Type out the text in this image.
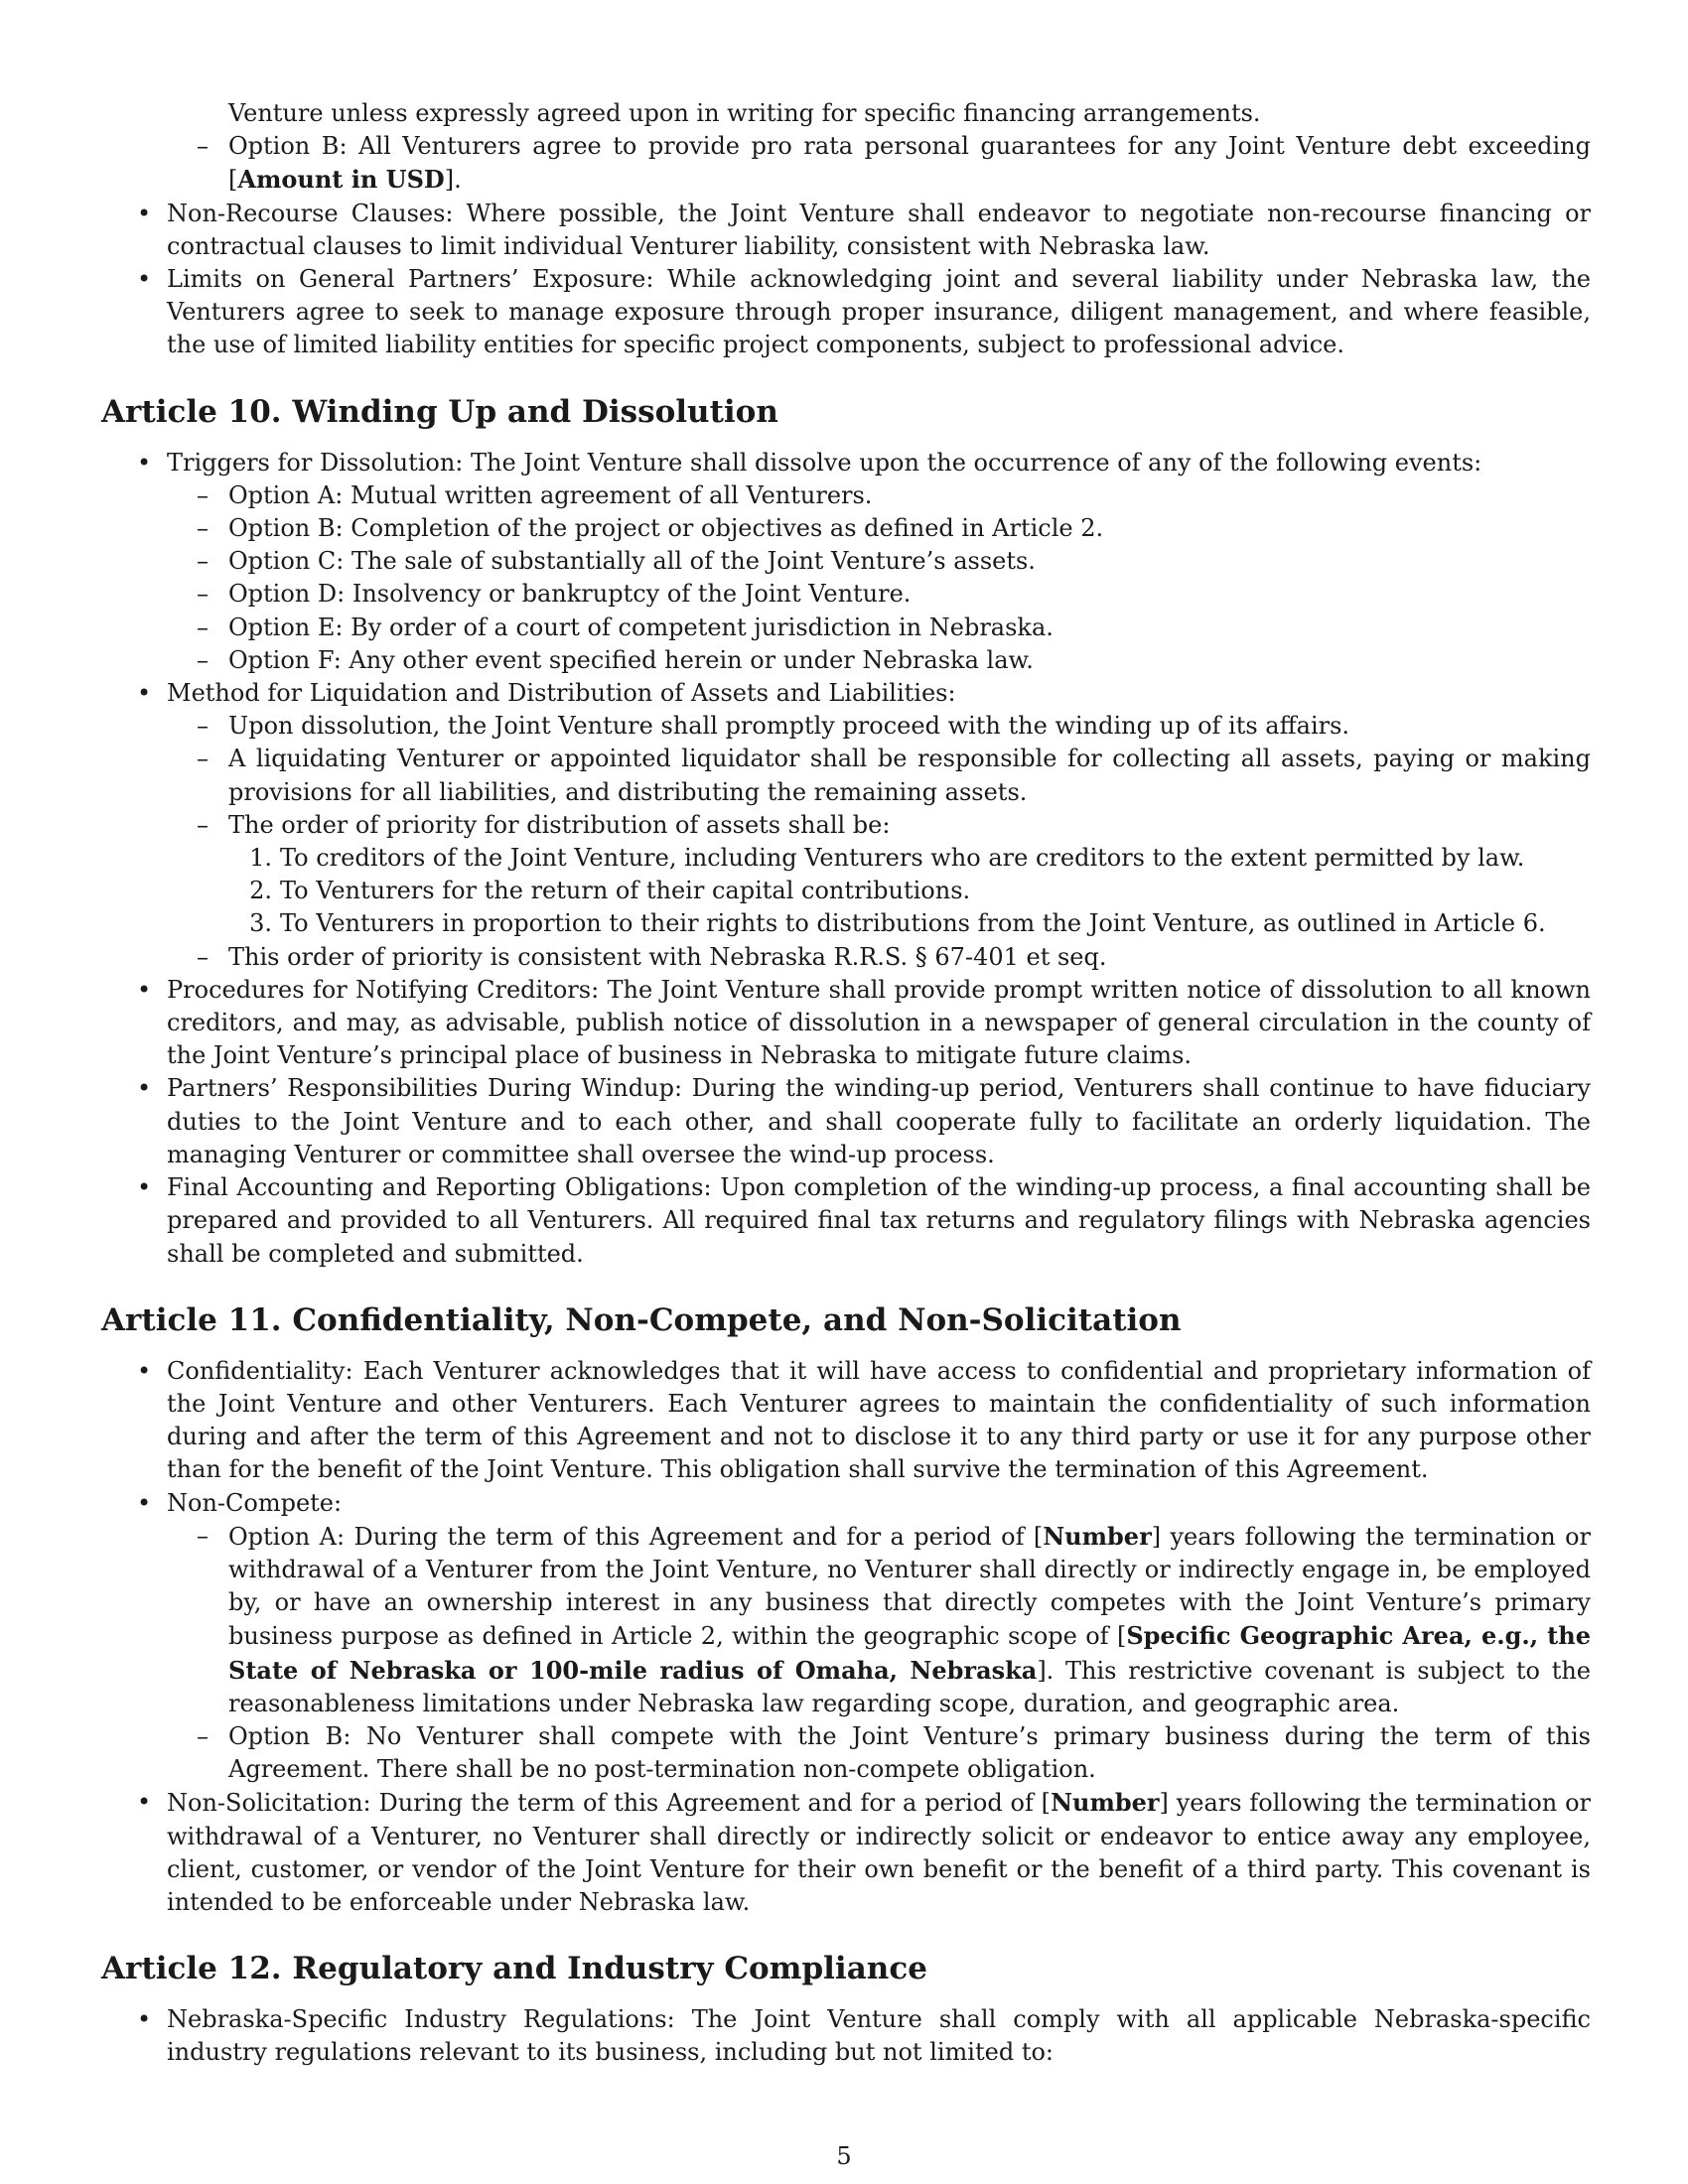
Venture unless expressly agreed upon in writing for specific financing arrangements.
– Option B: All Venturers agree to provide pro rata personal guarantees for any Joint Venture debt exceeding [Amount in USD].
• Non-Recourse Clauses: Where possible, the Joint Venture shall endeavor to negotiate non-recourse financing or contractual clauses to limit individual Venturer liability, consistent with Nebraska law.
• Limits on General Partners’ Exposure: While acknowledging joint and several liability under Nebraska law, the Venturers agree to seek to manage exposure through proper insurance, diligent management, and where feasible, the use of limited liability entities for specific project components, subject to professional advice.
Article 10. Winding Up and Dissolution
• Triggers for Dissolution: The Joint Venture shall dissolve upon the occurrence of any of the following events:
– Option A: Mutual written agreement of all Venturers.
– Option B: Completion of the project or objectives as defined in Article 2.
– Option C: The sale of substantially all of the Joint Venture’s assets.
– Option D: Insolvency or bankruptcy of the Joint Venture.
– Option E: By order of a court of competent jurisdiction in Nebraska.
– Option F: Any other event specified herein or under Nebraska law.
• Method for Liquidation and Distribution of Assets and Liabilities:
– Upon dissolution, the Joint Venture shall promptly proceed with the winding up of its affairs.
– A liquidating Venturer or appointed liquidator shall be responsible for collecting all assets, paying or making provisions for all liabilities, and distributing the remaining assets.
– The order of priority for distribution of assets shall be:
1. To creditors of the Joint Venture, including Venturers who are creditors to the extent permitted by law.
2. To Venturers for the return of their capital contributions.
3. To Venturers in proportion to their rights to distributions from the Joint Venture, as outlined in Article 6.
– This order of priority is consistent with Nebraska R.R.S. § 67-401 et seq.
• Procedures for Notifying Creditors: The Joint Venture shall provide prompt written notice of dissolution to all known creditors, and may, as advisable, publish notice of dissolution in a newspaper of general circulation in the county of the Joint Venture’s principal place of business in Nebraska to mitigate future claims.
• Partners’ Responsibilities During Windup: During the winding-up period, Venturers shall continue to have fiduciary duties to the Joint Venture and to each other, and shall cooperate fully to facilitate an orderly liquidation. The managing Venturer or committee shall oversee the wind-up process.
• Final Accounting and Reporting Obligations: Upon completion of the winding-up process, a final accounting shall be prepared and provided to all Venturers. All required final tax returns and regulatory filings with Nebraska agencies shall be completed and submitted.
Article 11. Confidentiality, Non-Compete, and Non-Solicitation
• Confidentiality: Each Venturer acknowledges that it will have access to confidential and proprietary information of the Joint Venture and other Venturers. Each Venturer agrees to maintain the confidentiality of such information during and after the term of this Agreement and not to disclose it to any third party or use it for any purpose other than for the benefit of the Joint Venture. This obligation shall survive the termination of this Agreement.
• Non-Compete:
– Option A: During the term of this Agreement and for a period of [Number] years following the termination or withdrawal of a Venturer from the Joint Venture, no Venturer shall directly or indirectly engage in, be employed by, or have an ownership interest in any business that directly competes with the Joint Venture’s primary business purpose as defined in Article 2, within the geographic scope of [Specific Geographic Area, e.g., the State of Nebraska or 100-mile radius of Omaha, Nebraska]. This restrictive covenant is subject to the reasonableness limitations under Nebraska law regarding scope, duration, and geographic area.
– Option B: No Venturer shall compete with the Joint Venture’s primary business during the term of this Agreement. There shall be no post-termination non-compete obligation.
• Non-Solicitation: During the term of this Agreement and for a period of [Number] years following the termination or withdrawal of a Venturer, no Venturer shall directly or indirectly solicit or endeavor to entice away any employee, client, customer, or vendor of the Joint Venture for their own benefit or the benefit of a third party. This covenant is intended to be enforceable under Nebraska law.
Article 12. Regulatory and Industry Compliance
• Nebraska-Specific Industry Regulations: The Joint Venture shall comply with all applicable Nebraska-specific industry regulations relevant to its business, including but not limited to:
5
